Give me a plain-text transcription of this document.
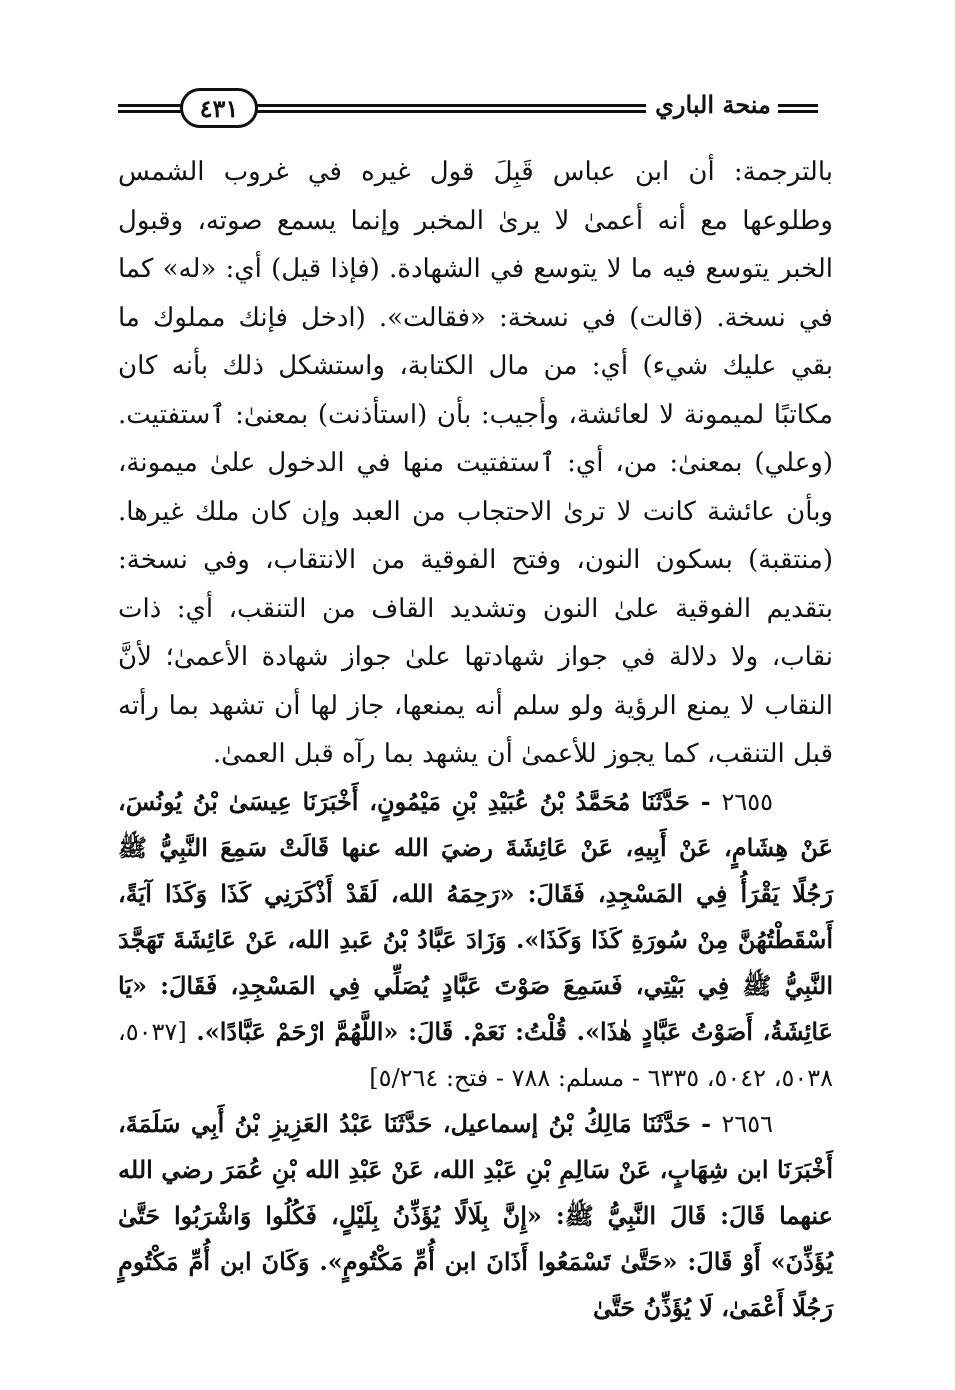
٤٣١	منحة الباري

بالترجمة: أن ابن عباس قَبِلَ قول غيره في غروب الشمس وطلوعها مع أنه أعمىٰ لا يرىٰ المخبر وإنما يسمع صوته، وقبول الخبر يتوسع فيه ما لا يتوسع في الشهادة. (فإذا قيل) أي: «له» كما في نسخة. (قالت) في نسخة: «فقالت». (ادخل فإنك مملوك ما بقي عليك شيء) أي: من مال الكتابة، واستشكل ذلك بأنه كان مكاتبًا لميمونة لا لعائشة، وأجيب: بأن (استأذنت) بمعنىٰ: ٱستفتيت. (وعلي) بمعنىٰ: من، أي: ٱستفتيت منها في الدخول علىٰ ميمونة، وبأن عائشة كانت لا ترىٰ الاحتجاب من العبد وإن كان ملك غيرها. (منتقبة) بسكون النون، وفتح الفوقية من الانتقاب، وفي نسخة: بتقديم الفوقية علىٰ النون وتشديد القاف من التنقب، أي: ذات نقاب، ولا دلالة في جواز شهادتها علىٰ جواز شهادة الأعمىٰ؛ لأنَّ النقاب لا يمنع الرؤية ولو سلم أنه يمنعها، جاز لها أن تشهد بما رأته قبل التنقب، كما يجوز للأعمىٰ أن يشهد بما رآه قبل العمىٰ.

٢٦٥٥ - حَدَّثَنَا مُحَمَّدُ بْنُ عُبَيْدِ بْنِ مَيْمُونٍ، أَخْبَرَنَا عِيسَىٰ بْنُ يُونُسَ، عَنْ هِشَامٍ، عَنْ أَبِيهِ، عَنْ عَائِشَةَ رضيَ الله عنها قَالَتْ سَمِعَ النَّبِيُّ ﷺ رَجُلًا يَقْرَأُ فِي المَسْجِدِ، فَقَالَ: «رَحِمَهُ الله، لَقَدْ أَذْكَرَنِي كَذَا وَكَذَا آيَةً، أَسْقَطْتُهُنَّ مِنْ سُورَةِ كَذَا وَكَذَا». وَزَادَ عَبَّادُ بْنُ عَبدِ الله، عَنْ عَائِشَةَ تَهَجَّدَ النَّبِيُّ ﷺ فِي بَيْتِي، فَسَمِعَ صَوْتَ عَبَّادٍ يُصَلِّي فِي المَسْجِدِ، فَقَالَ: «يَا عَائِشَةُ، أَصَوْتُ عَبَّادٍ هٰذَا». قُلْتُ: نَعَمْ. قَالَ: «اللَّهُمَّ ارْحَمْ عَبَّادًا». [٥٠٣٧، ٥٠٣٨، ٥٠٤٢، ٦٣٣٥ - مسلم: ٧٨٨ - فتح: ٥/٢٦٤]

٢٦٥٦ - حَدَّثَنَا مَالِكُ بْنُ إسماعيل، حَدَّثَنَا عَبْدُ العَزِيزِ بْنُ أَبِي سَلَمَةَ، أَخْبَرَنَا ابن شِهَابٍ، عَنْ سَالِمِ بْنِ عَبْدِ الله، عَنْ عَبْدِ الله بْنِ عُمَرَ رضي الله عنهما قَالَ: قَالَ النَّبِيُّ ﷺ: «إِنَّ بِلَالًا يُؤَذِّنُ بِلَيْلٍ، فَكُلُوا وَاشْرَبُوا حَتَّىٰ يُؤَذِّنَ» أَوْ قَالَ: «حَتَّىٰ تَسْمَعُوا أَذَانَ ابن أُمِّ مَكْتُومٍ». وَكَانَ ابن أُمِّ مَكْتُومٍ رَجُلًا أَعْمَىٰ، لَا يُؤَذِّنُ حَتَّىٰ
